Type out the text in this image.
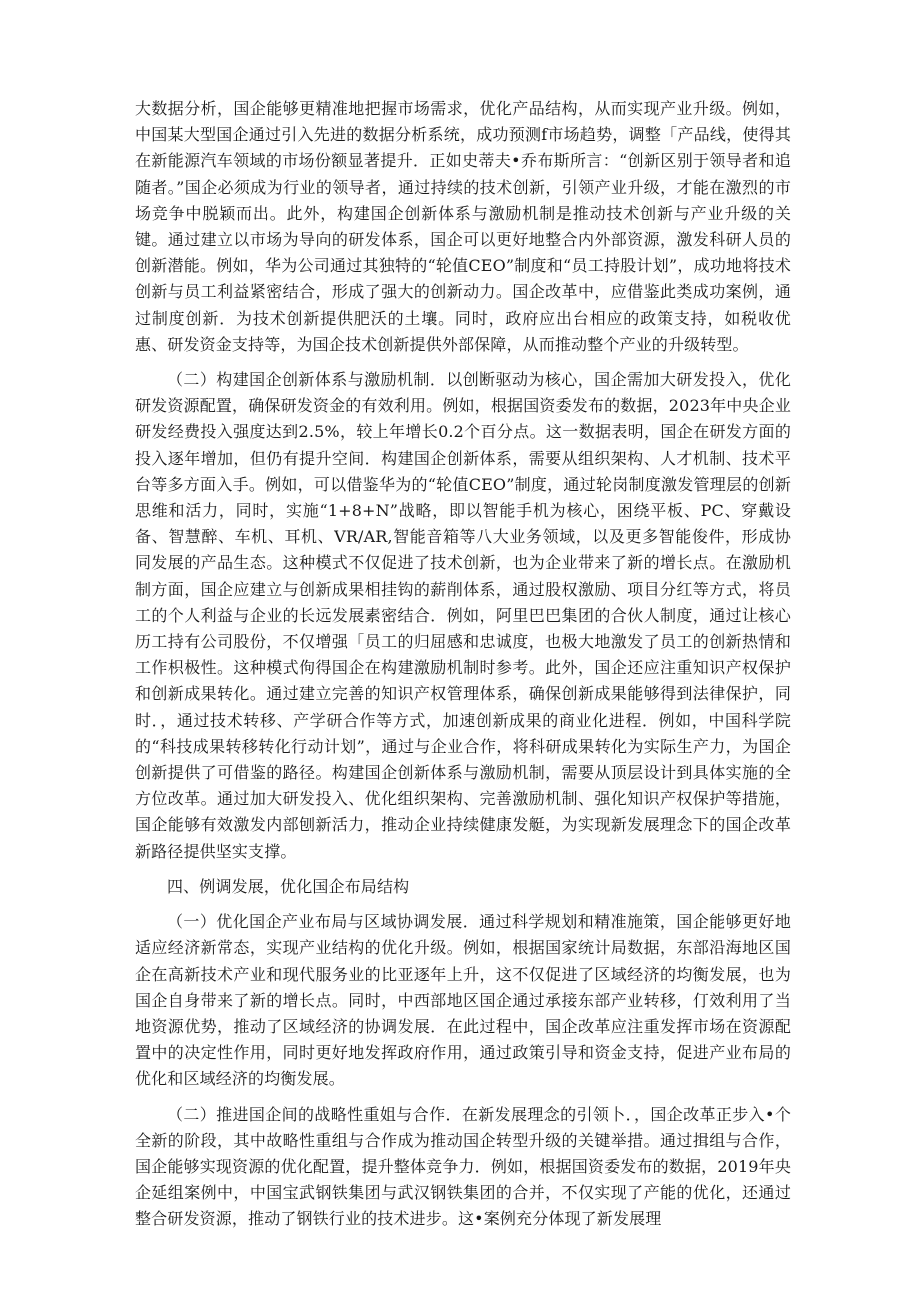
大数据分析，国企能够更精准地把握市场需求，优化产品结构，从而实现产业升级。例如，中国某大型国企通过引入先进的数据分析系统，成功预测f市场趋势，调整「产品线，使得其在新能源汽车领域的市场份额显著提升．正如史蒂夫•乔布斯所言：“创新区别于领导者和追随者。”国企必须成为行业的领导者，通过持续的技术创新，引领产业升级，才能在激烈的市场竞争中脱颖而出。此外，构建国企创新体系与激励机制是推动技术创新与产业升级的关键。通过建立以市场为导向的研发体系，国企可以更好地整合内外部资源，激发科研人员的创新潜能。例如，华为公司通过其独特的“轮值CEO”制度和“员工持股计划”，成功地将技术创新与员工利益紧密结合，形成了强大的创新动力。国企改革中，应借鉴此类成功案例，通过制度创新．为技术创新提供肥沃的土壤。同时，政府应出台相应的政策支持，如税收优惠、研发资金支持等，为国企技术创新提供外部保障，从而推动整个产业的升级转型。

（二）构建国企创新体系与激励机制．以创断驱动为核心，国企需加大研发投入，优化研发资源配置，确保研发资金的有效利用。例如，根据国资委发布的数据，2023年中央企业研发经费投入强度达到2.5%，较上年增长0.2个百分点。这一数据表明，国企在研发方面的投入逐年增加，但仍有提升空间．构建国企创新体系，需要从组织架构、人才机制、技术平台等多方面入手。例如，可以借鉴华为的“轮值CEO”制度，通过轮岗制度激发管理层的创新思维和活力，同时，实施“1+8+N”战略，即以智能手机为核心，困绕平板、PC、穿戴设备、智慧醉、车机、耳机、VR/AR,智能音箱等八大业务领域，以及更多智能俊件，形成协同发展的产品生态。这种模式不仅促进了技术创新，也为企业带来了新的增长点。在激励机制方面，国企应建立与创新成果相挂钩的薪削体系，通过股权激励、项目分红等方式，将员工的个人利益与企业的长远发展素密结合．例如，阿里巴巴集团的合伙人制度，通过让核心历工持有公司股份，不仅增强「员工的归屈感和忠诚度，也极大地激发了员工的创新热情和工作枳极性。这种模式佝得国企在构建激励机制时参考。此外，国企还应注重知识产权保护和创新成果转化。通过建立完善的知识产权管理体系，确保创新成果能够得到法律保护，同时．，通过技术转移、产学研合作等方式，加速创新成果的商业化进程．例如，中国科学院的“科技成果转移转化行动计划”，通过与企业合作，将科研成果转化为实际生产力，为国企创新提供了可借鉴的路径。构建国企创新体系与激励机制，需要从顶层设计到具体实施的全方位改革。通过加大研发投入、优化组织架构、完善激励机制、强化知识产权保护等措施，国企能够有效激发内部刨新活力，推动企业持续健康发艇，为实现新发展理念下的国企改革新路径提供坚实支撑。

四、例调发展，优化国企布局结构

（一）优化国企产业布局与区域协调发展．通过科学规划和精准施策，国企能够更好地适应经济新常态，实现产业结构的优化升级。例如，根据国家统计局数据，东部沿海地区国企在高新技术产业和现代服务业的比亚逐年上升，这不仅促进了区域经济的均衡发展，也为国企自身带来了新的增长点。同时，中西部地区国企通过承接东部产业转移，仃效利用了当地资源优势，推动了区域经济的协调发展．在此过程中，国企改革应注重发挥市场在资源配置中的决定性作用，同时更好地发挥政府作用，通过政策引导和资金支持，促进产业布局的优化和区域经济的均衡发展。

（二）推进国企间的战略性重姐与合作．在新发展理念的引领卜．，国企改革正步入•个全新的阶段，其中故略性重组与合作成为推动国企转型升级的关键举措。通过揖组与合作，国企能够实现资源的优化配置，提升整体竞争力．例如，根据国资委发布的数据，2019年央企延组案例中，中国宝武钢铁集团与武汉钢铁集团的合并，不仅实现了产能的优化，还通过整合研发资源，推动了钢铁行业的技术进步。这•案例充分体现了新发展理
